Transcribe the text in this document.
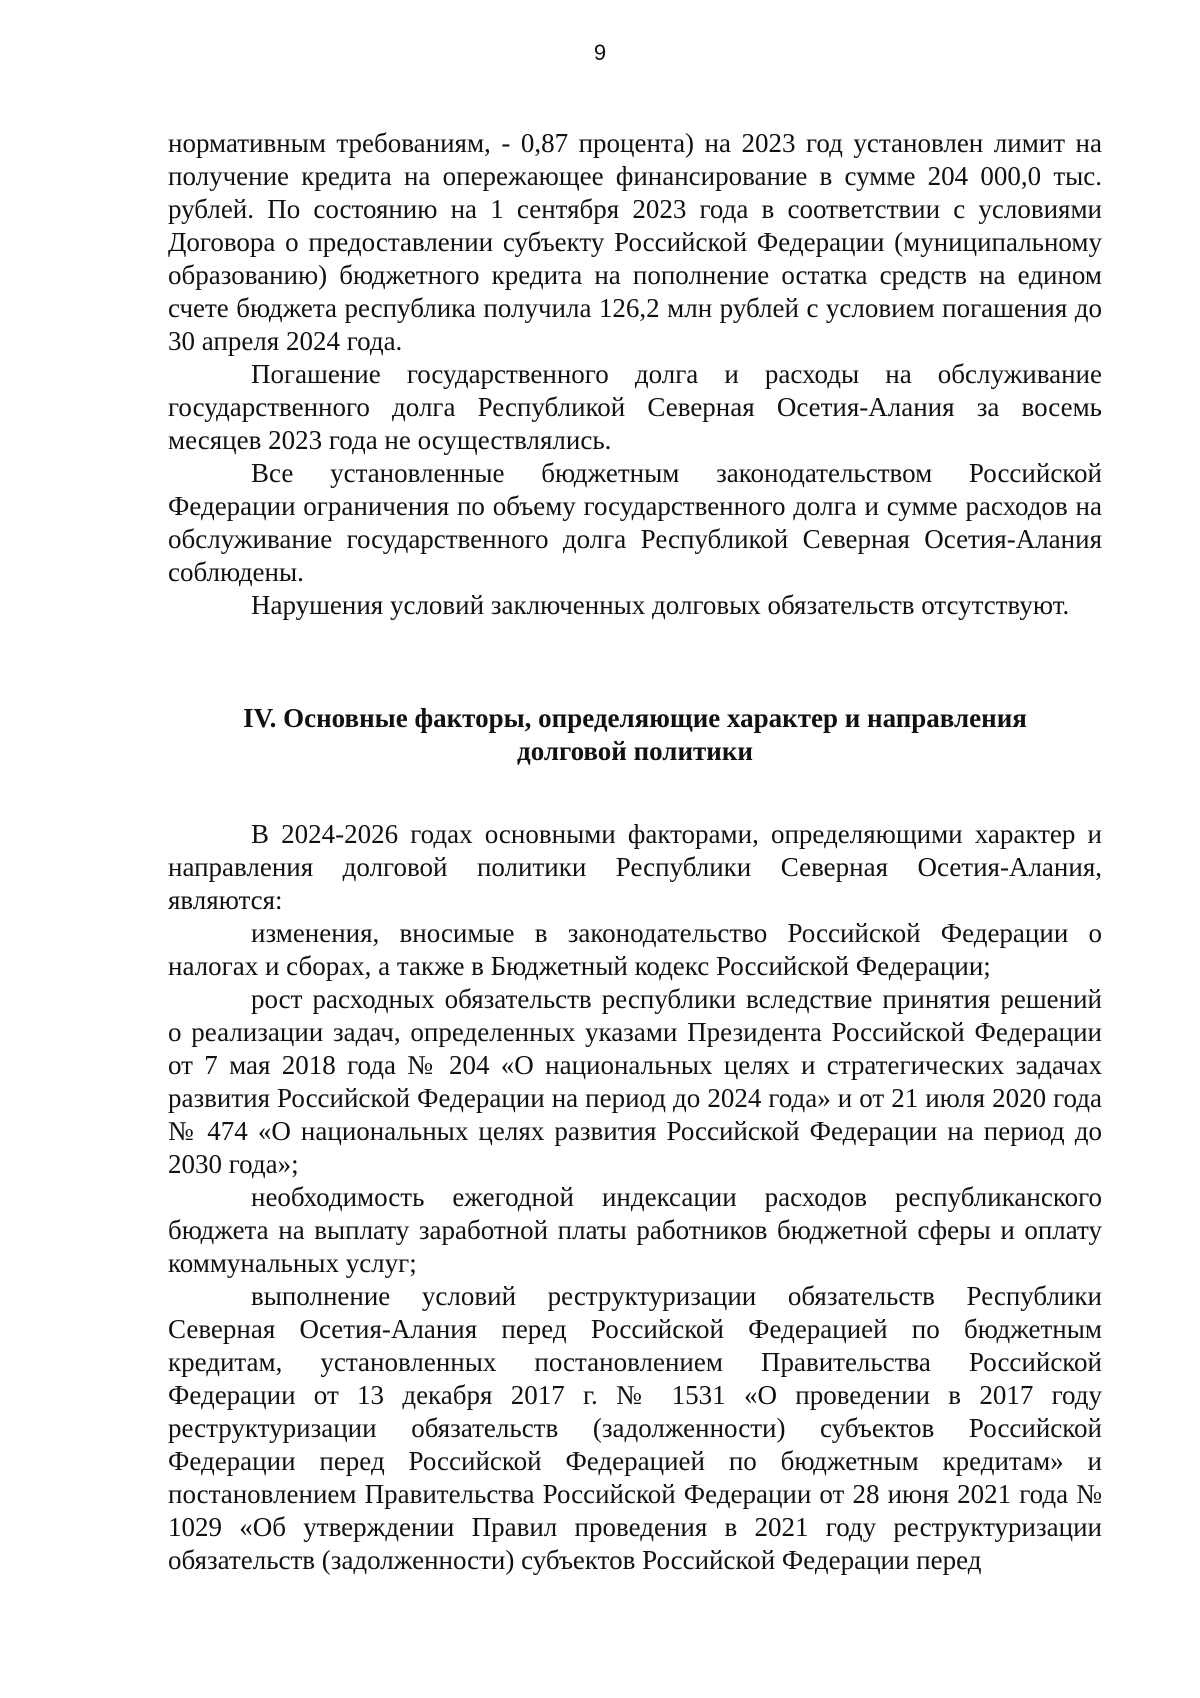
9

нормативным требованиям, - 0,87 процента) на 2023 год установлен лимит на получение кредита на опережающее финансирование в сумме 204 000,0 тыс. рублей. По состоянию на 1 сентября 2023 года в соответствии с условиями Договора о предоставлении субъекту Российской Федерации (муниципальному образованию) бюджетного кредита на пополнение остатка средств на едином счете бюджета республика получила 126,2 млн рублей с условием погашения до 30 апреля 2024 года.

Погашение государственного долга и расходы на обслуживание государственного долга Республикой Северная Осетия-Алания за восемь месяцев 2023 года не осуществлялись.

Все установленные бюджетным законодательством Российской Федерации ограничения по объему государственного долга и сумме расходов на обслуживание государственного долга Республикой Северная Осетия-Алания соблюдены.

Нарушения условий заключенных долговых обязательств отсутствуют.

IV. Основные факторы, определяющие характер и направления
долговой политики

В 2024-2026 годах основными факторами, определяющими характер и направления долговой политики Республики Северная Осетия-Алания, являются:

изменения, вносимые в законодательство Российской Федерации о налогах и сборах, а также в Бюджетный кодекс Российской Федерации;

рост расходных обязательств республики вследствие принятия решений о реализации задач, определенных указами Президента Российской Федерации от 7 мая 2018 года № 204 «О национальных целях и стратегических задачах развития Российской Федерации на период до 2024 года» и от 21 июля 2020 года № 474 «О национальных целях развития Российской Федерации на период до 2030 года»;

необходимость ежегодной индексации расходов республиканского бюджета на выплату заработной платы работников бюджетной сферы и оплату коммунальных услуг;

выполнение условий реструктуризации обязательств Республики Северная Осетия-Алания перед Российской Федерацией по бюджетным кредитам, установленных постановлением Правительства Российской Федерации от 13 декабря 2017 г. № 1531 «О проведении в 2017 году реструктуризации обязательств (задолженности) субъектов Российской Федерации перед Российской Федерацией по бюджетным кредитам» и постановлением Правительства Российской Федерации от 28 июня 2021 года № 1029 «Об утверждении Правил проведения в 2021 году реструктуризации обязательств (задолженности) субъектов Российской Федерации перед
